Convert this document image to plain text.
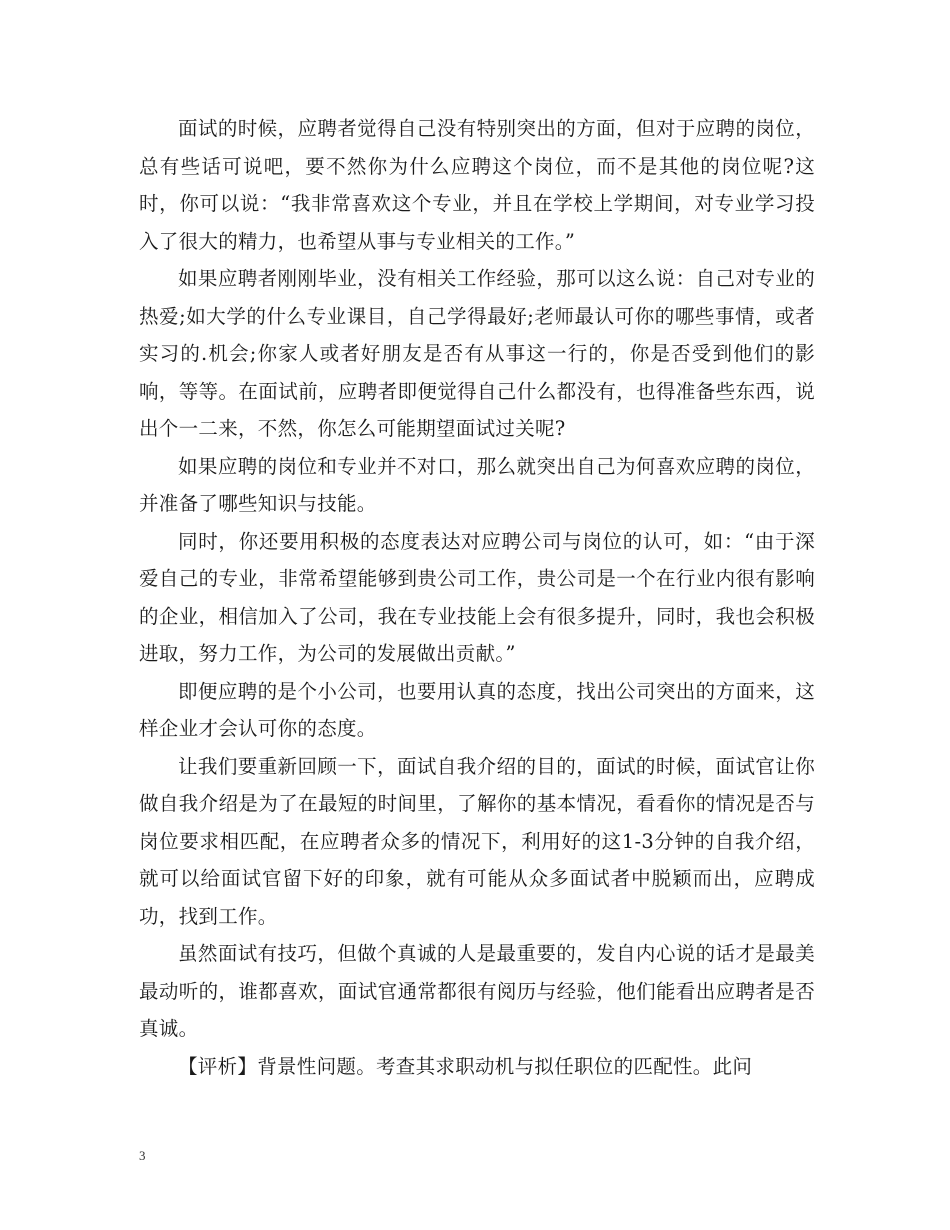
面试的时候，应聘者觉得自己没有特别突出的方面，但对于应聘的岗位，总有些话可说吧，要不然你为什么应聘这个岗位，而不是其他的岗位呢?这时，你可以说：“我非常喜欢这个专业，并且在学校上学期间，对专业学习投入了很大的精力，也希望从事与专业相关的工作。”

如果应聘者刚刚毕业，没有相关工作经验，那可以这么说：自己对专业的热爱;如大学的什么专业课目，自己学得最好;老师最认可你的哪些事情，或者实习的.机会;你家人或者好朋友是否有从事这一行的，你是否受到他们的影响，等等。在面试前，应聘者即便觉得自己什么都没有，也得准备些东西，说出个一二来，不然，你怎么可能期望面试过关呢?

如果应聘的岗位和专业并不对口，那么就突出自己为何喜欢应聘的岗位，并准备了哪些知识与技能。

同时，你还要用积极的态度表达对应聘公司与岗位的认可，如：“由于深爱自己的专业，非常希望能够到贵公司工作，贵公司是一个在行业内很有影响的企业，相信加入了公司，我在专业技能上会有很多提升，同时，我也会积极进取，努力工作，为公司的发展做出贡献。”

即便应聘的是个小公司，也要用认真的态度，找出公司突出的方面来，这样企业才会认可你的态度。

让我们要重新回顾一下，面试自我介绍的目的，面试的时候，面试官让你做自我介绍是为了在最短的时间里，了解你的基本情况，看看你的情况是否与岗位要求相匹配，在应聘者众多的情况下，利用好的这1-3分钟的自我介绍，就可以给面试官留下好的印象，就有可能从众多面试者中脱颖而出，应聘成功，找到工作。

虽然面试有技巧，但做个真诚的人是最重要的，发自内心说的话才是最美最动听的，谁都喜欢，面试官通常都很有阅历与经验，他们能看出应聘者是否真诚。

【评析】背景性问题。考查其求职动机与拟任职位的匹配性。此问

3
